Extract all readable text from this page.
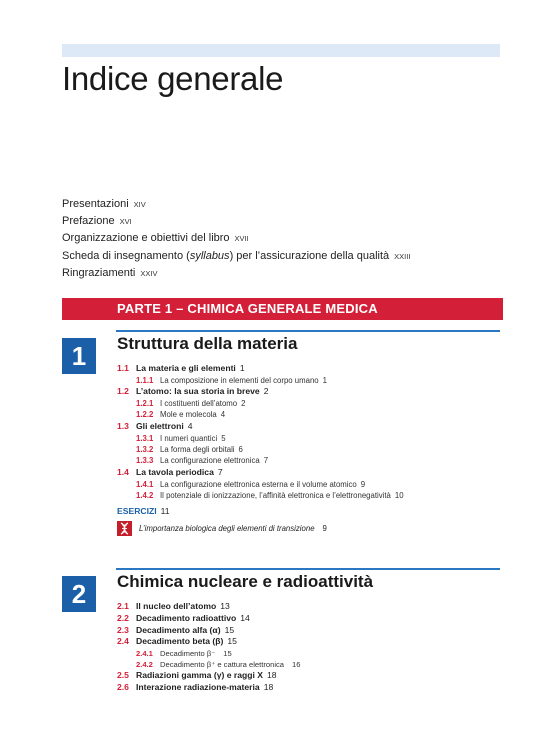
Indice generale
Presentazioni XIV
Prefazione XVI
Organizzazione e obiettivi del libro XVII
Scheda di insegnamento (syllabus) per l’assicurazione della qualità XXIII
Ringraziamenti XXIV
PARTE 1 – CHIMICA GENERALE MEDICA
1	Struttura della materia
1.1 La materia e gli elementi 1
1.1.1 La composizione in elementi del corpo umano 1
1.2 L’atomo: la sua storia in breve 2
1.2.1 I costituenti dell’atomo 2
1.2.2 Mole e molecola 4
1.3 Gli elettroni 4
1.3.1 I numeri quantici 5
1.3.2 La forma degli orbitali 6
1.3.3 La configurazione elettronica 7
1.4 La tavola periodica 7
1.4.1 La configurazione elettronica esterna e il volume atomico 9
1.4.2 Il potenziale di ionizzazione, l’affinità elettronica e l’elettronegatività 10
ESERCIZI 11
L’importanza biologica degli elementi di transizione 9
2	Chimica nucleare e radioattività
2.1 Il nucleo dell’atomo 13
2.2 Decadimento radioattivo 14
2.3 Decadimento alfa (α) 15
2.4 Decadimento beta (β) 15
2.4.1 Decadimento β⁻ 15
2.4.2 Decadimento β⁺ e cattura elettronica 16
2.5 Radiazioni gamma (γ) e raggi X 18
2.6 Interazione radiazione-materia 18
